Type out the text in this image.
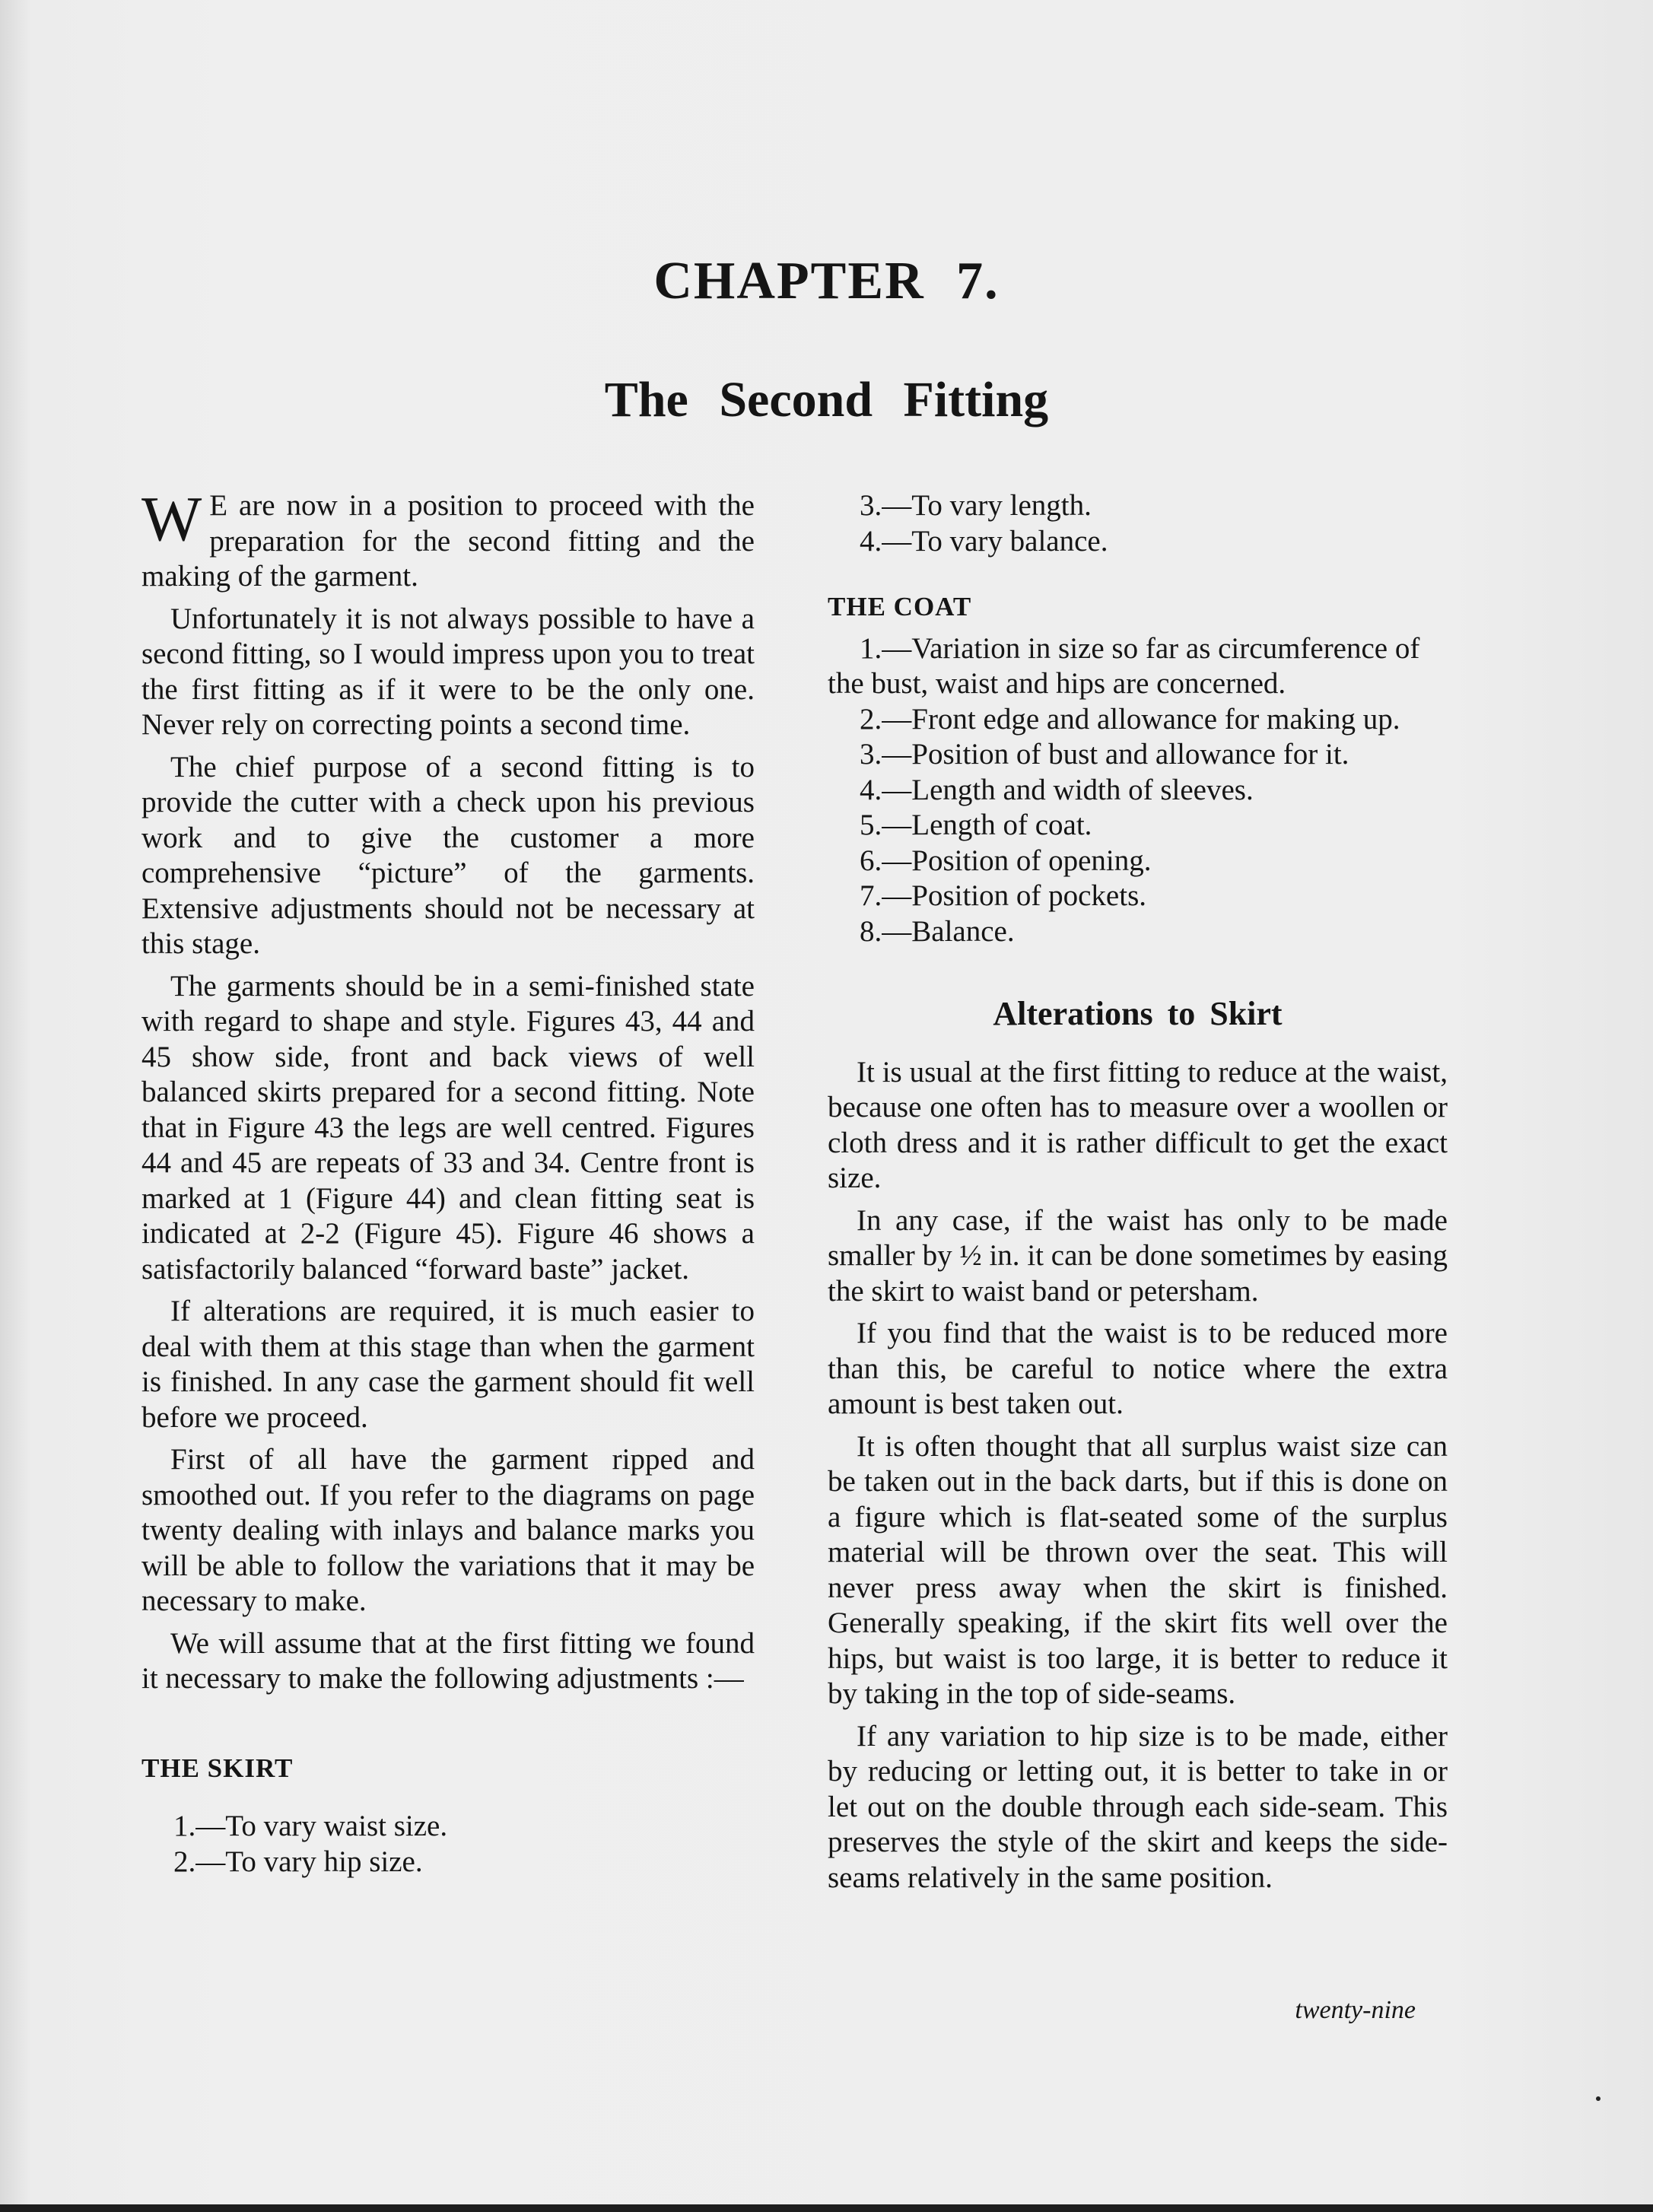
CHAPTER 7.
The Second Fitting

W E are now in a position to proceed with the preparation for the second fitting and the making of the garment.

Unfortunately it is not always possible to have a second fitting, so I would impress upon you to treat the first fitting as if it were to be the only one. Never rely on correcting points a second time.

The chief purpose of a second fitting is to provide the cutter with a check upon his previous work and to give the customer a more comprehensive “picture” of the garments. Extensive adjustments should not be necessary at this stage.

The garments should be in a semi-finished state with regard to shape and style. Figures 43, 44 and 45 show side, front and back views of well balanced skirts prepared for a second fitting. Note that in Figure 43 the legs are well centred. Figures 44 and 45 are repeats of 33 and 34. Centre front is marked at 1 (Figure 44) and clean fitting seat is indicated at 2-2 (Figure 45). Figure 46 shows a satisfactorily balanced “forward baste” jacket.

If alterations are required, it is much easier to deal with them at this stage than when the garment is finished. In any case the garment should fit well before we proceed.

First of all have the garment ripped and smoothed out. If you refer to the diagrams on page twenty dealing with inlays and balance marks you will be able to follow the variations that it may be necessary to make.

We will assume that at the first fitting we found it necessary to make the following adjustments :—

THE SKIRT
1.—To vary waist size.
2.—To vary hip size.
3.—To vary length.
4.—To vary balance.
THE COAT
1.—Variation in size so far as circumference of the bust, waist and hips are concerned.
2.—Front edge and allowance for making up.
3.—Position of bust and allowance for it.
4.—Length and width of sleeves.
5.—Length of coat.
6.—Position of opening.
7.—Position of pockets.
8.—Balance.
Alterations to Skirt

It is usual at the first fitting to reduce at the waist, because one often has to measure over a woollen or cloth dress and it is rather difficult to get the exact size.

In any case, if the waist has only to be made smaller by ½ in. it can be done sometimes by easing the skirt to waist band or petersham.

If you find that the waist is to be reduced more than this, be careful to notice where the extra amount is best taken out.

It is often thought that all surplus waist size can be taken out in the back darts, but if this is done on a figure which is flat-seated some of the surplus material will be thrown over the seat. This will never press away when the skirt is finished. Generally speaking, if the skirt fits well over the hips, but waist is too large, it is better to reduce it by taking in the top of side-seams.

If any variation to hip size is to be made, either by reducing or letting out, it is better to take in or let out on the double through each side-seam. This preserves the style of the skirt and keeps the side-seams relatively in the same position.

twenty-nine
